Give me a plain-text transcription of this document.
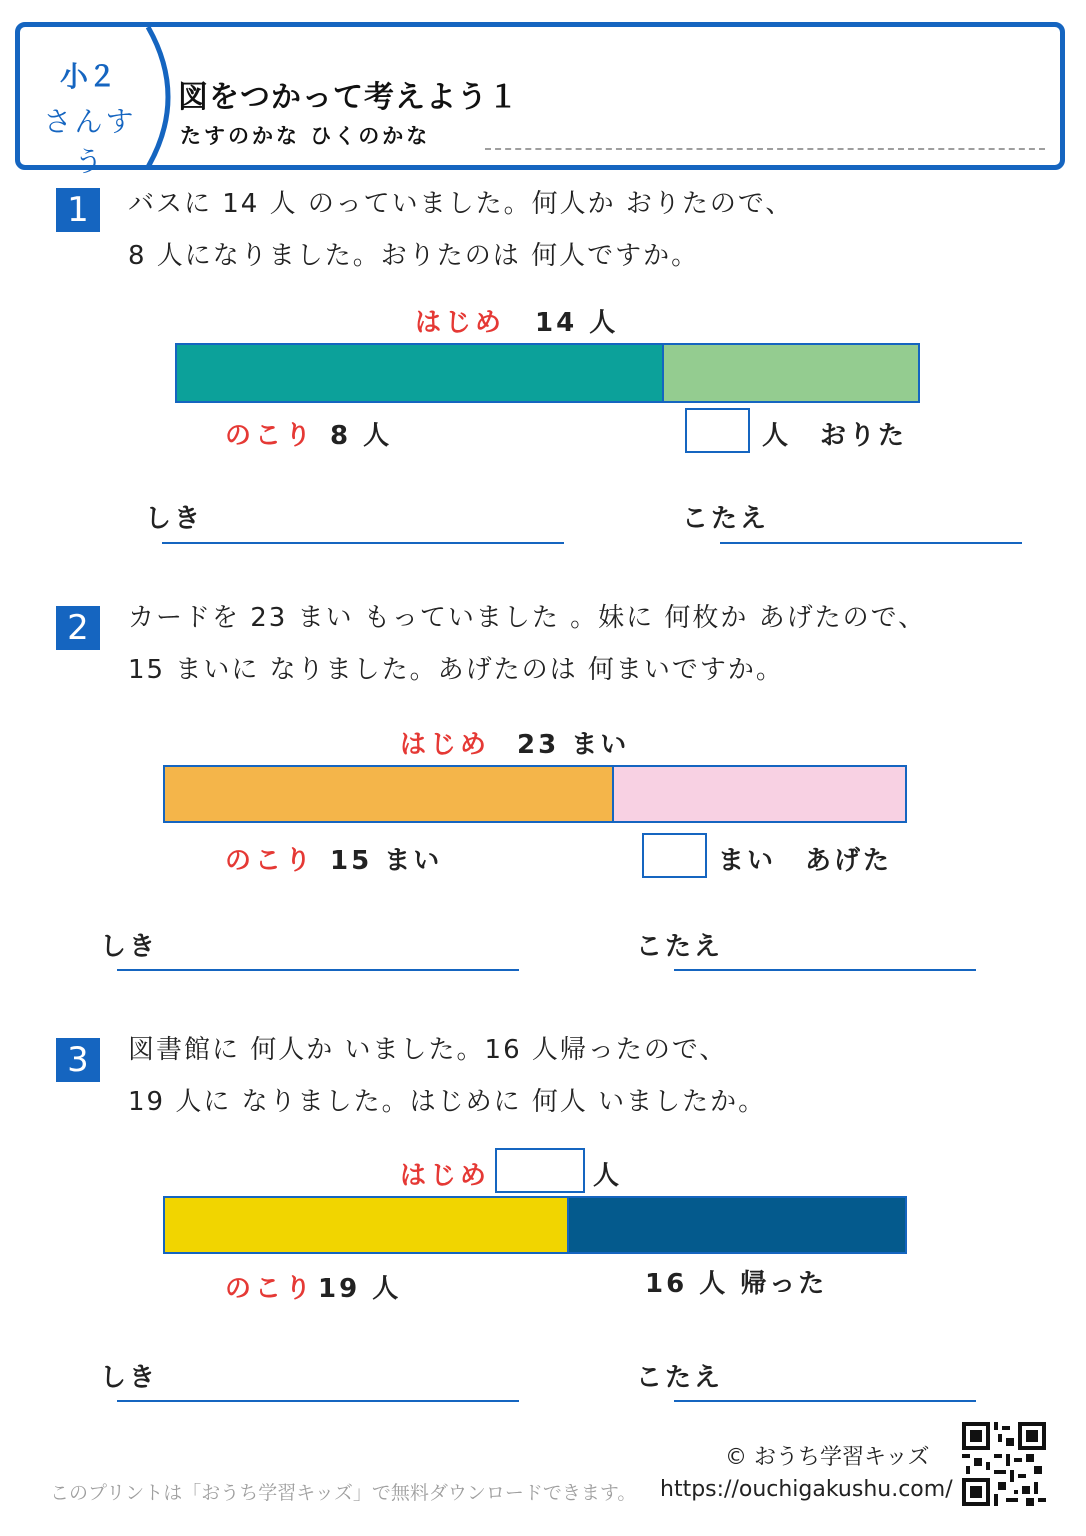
小２
さんすう
図をつかって考えよう１
たすのかな ひくのかな
1	バスに 14 人 のっていました。何人か おりたので、
8 人になりました。おりたのは 何人ですか。
はじめ 14 人
のこり 8 人	人　おりた
しき	こたえ
2	カードを 23 まい もっていました 。妹に 何枚か あげたので、
15 まいに なりました。あげたのは 何まいですか。
はじめ 23 まい
のこり 15 まい	まい　あげた
しき	こたえ
3	図書館に 何人か いました。16 人帰ったので、
19 人に なりました。はじめに 何人 いましたか。
はじめ	人
のこり 19 人	16 人 帰った
しき	こたえ
© おうち学習キッズ
https://ouchigakushu.com/
このプリントは「おうち学習キッズ」で無料ダウンロードできます。
